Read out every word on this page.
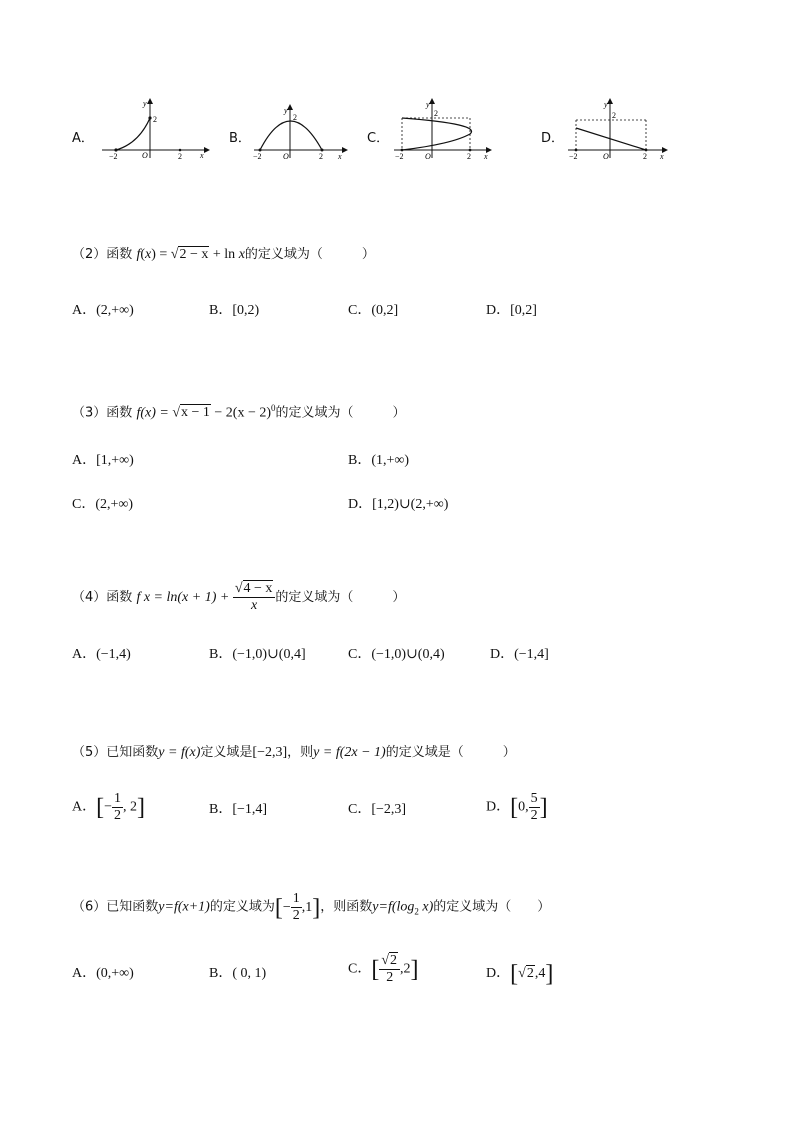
A．
−2	O	2
2
x
y
B．
−2	O	2
2
x
y
C．
−2	O	2
2
x
y
D．
−2	O	2
2
x
y
（2）函数 f(x) = √2 − x + ln x的定义域为（　　　）
A．(2,+∞)	B．[0,2)	C．(0,2]	D．[0,2]
（3）函数 $f(x) = √x - 1 - 2(x - 2)^0$的定义域为（　　　）
A．[1,+∞)	B．(1,+∞)
C．(2,+∞)	D．[1,2)∪(2,+∞)
（4）函数 f $x = \ln(x + 1) + \frac{√4 - x}{x}$ 的定义域为（　　　）
A．(−1,4)	B．(−1,0)∪(0,4]	C．(−1,0)∪(0,4)	D．(−1,4]
（5）已知函数y = f(x)定义域是[−2,3]，则y = f(2x − 1)的定义域是（　　　）
A．[− $\frac{1}{2}$ , 2]	B．[−1,4]	C．[−2,3]	D．[0, $\frac{5}{2}$ ]
（6）已知函数y=f(x+1)的定义域为[− $\frac{1}{2} ,1$]，则函数$y=f(\log_2$ x)的定义域为（　　）
A．(0,+∞)	B．( 0, 1)	C．[ $\frac{√2}{2} ,2$]	D．[√2,4]
